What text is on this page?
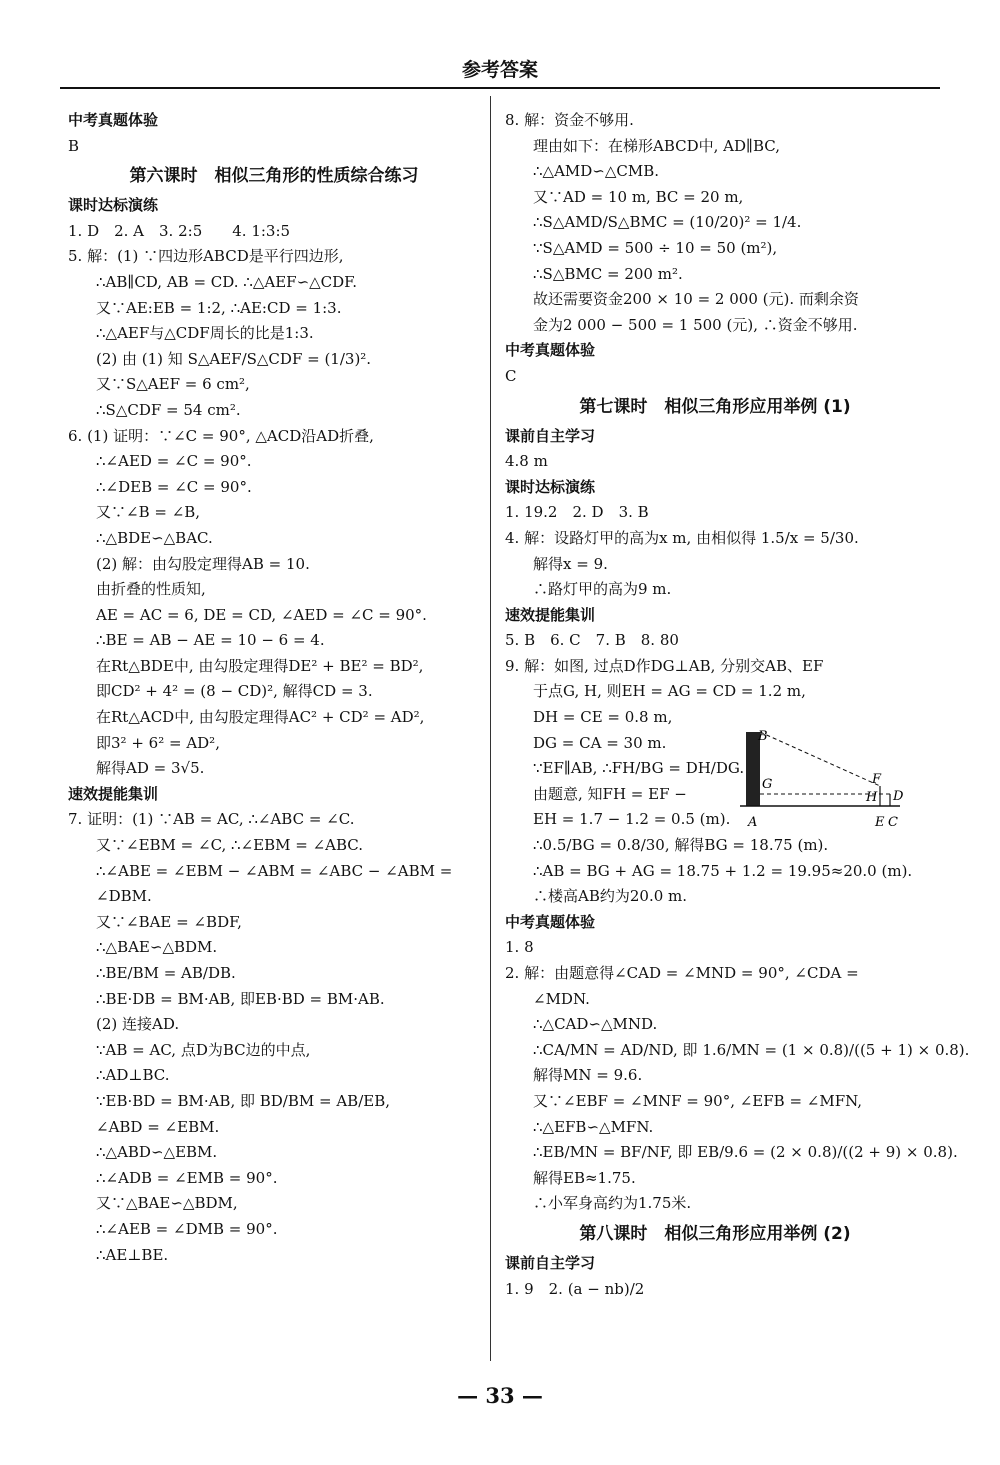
参考答案
中考真题体验
B
第六课时　相似三角形的性质综合练习
课时达标演练
1. D　2. A　3. 2:5　　4. 1:3:5
5. 解：(1) ∵四边形ABCD是平行四边形,
∴AB∥CD, AB = CD. ∴△AEF∽△CDF.
又∵AE:EB = 1:2, ∴AE:CD = 1:3.
∴△AEF与△CDF周长的比是1:3.
(2) 由 (1) 知 S△AEF/S△CDF = (1/3)².
又∵S△AEF = 6 cm²,
∴S△CDF = 54 cm².
6. (1) 证明：∵∠C = 90°, △ACD沿AD折叠,
∴∠AED = ∠C = 90°.
∴∠DEB = ∠C = 90°.
又∵∠B = ∠B,
∴△BDE∽△BAC.
(2) 解：由勾股定理得AB = 10.
由折叠的性质知,
AE = AC = 6, DE = CD, ∠AED = ∠C = 90°.
∴BE = AB − AE = 10 − 6 = 4.
在Rt△BDE中, 由勾股定理得DE² + BE² = BD²,
即CD² + 4² = (8 − CD)², 解得CD = 3.
在Rt△ACD中, 由勾股定理得AC² + CD² = AD²,
即3² + 6² = AD²,
解得AD = 3√5.
速效提能集训
7. 证明：(1) ∵AB = AC, ∴∠ABC = ∠C.
又∵∠EBM = ∠C, ∴∠EBM = ∠ABC.
∴∠ABE = ∠EBM − ∠ABM = ∠ABC − ∠ABM =
∠DBM.
又∵∠BAE = ∠BDF,
∴△BAE∽△BDM.
∴BE/BM = AB/DB.
∴BE·DB = BM·AB, 即EB·BD = BM·AB.
(2) 连接AD.
∵AB = AC, 点D为BC边的中点,
∴AD⊥BC.
∵EB·BD = BM·AB, 即 BD/BM = AB/EB,
∠ABD = ∠EBM.
∴△ABD∽△EBM.
∴∠ADB = ∠EMB = 90°.
又∵△BAE∽△BDM,
∴∠AEB = ∠DMB = 90°.
∴AE⊥BE.
8. 解：资金不够用.
理由如下：在梯形ABCD中, AD∥BC,
∴△AMD∽△CMB.
又∵AD = 10 m, BC = 20 m,
∴S△AMD/S△BMC = (10/20)² = 1/4.
∵S△AMD = 500 ÷ 10 = 50 (m²),
∴S△BMC = 200 m².
故还需要资金200 × 10 = 2 000 (元). 而剩余资
金为2 000 − 500 = 1 500 (元), ∴资金不够用.
中考真题体验
C
第七课时　相似三角形应用举例 (1)
课前自主学习
4.8 m
课时达标演练
1. 19.2　2. D　3. B
4. 解：设路灯甲的高为x m, 由相似得 1.5/x = 5/30.
解得x = 9.
∴路灯甲的高为9 m.
速效提能集训
5. B　6. C　7. B　8. 80
9. 解：如图, 过点D作DG⊥AB, 分别交AB、EF
于点G, H, 则EH = AG = CD = 1.2 m,
DH = CE = 0.8 m,
DG = CA = 30 m.
∵EF∥AB, ∴FH/BG = DH/DG.
由题意, 知FH = EF −
EH = 1.7 − 1.2 = 0.5 (m).
∴0.5/BG = 0.8/30, 解得BG = 18.75 (m).
∴AB = BG + AG = 18.75 + 1.2 = 19.95≈20.0 (m).
∴楼高AB约为20.0 m.
中考真题体验
1. 8
2. 解：由题意得∠CAD = ∠MND = 90°, ∠CDA =
∠MDN.
∴△CAD∽△MND.
∴CA/MN = AD/ND, 即 1.6/MN = (1 × 0.8)/((5 + 1) × 0.8).
解得MN = 9.6.
又∵∠EBF = ∠MNF = 90°, ∠EFB = ∠MFN,
∴△EFB∽△MFN.
∴EB/MN = BF/NF, 即 EB/9.6 = (2 × 0.8)/((2 + 9) × 0.8).
解得EB≈1.75.
∴小军身高约为1.75米.
第八课时　相似三角形应用举例 (2)
课前自主学习
1. 9　2. (a − nb)/2
B
G	F
H D
A	E C
— 33 —
